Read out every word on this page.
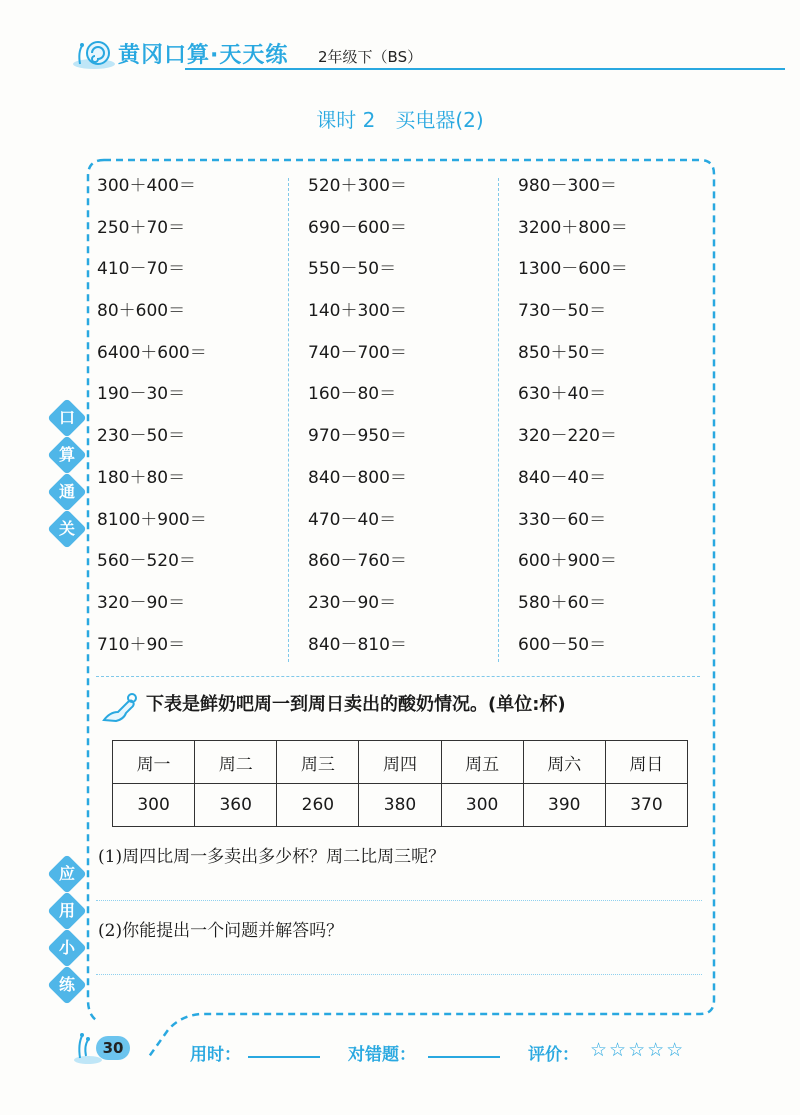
黄冈口算·天天练 2年级下（BS）
课时 2　买电器(2)
300＋400＝
250＋70＝
410－70＝
80＋600＝
6400＋600＝
190－30＝
230－50＝
180＋80＝
8100＋900＝
560－520＝
320－90＝
710＋90＝
520＋300＝
690－600＝
550－50＝
140＋300＝
740－700＝
160－80＝
970－950＝
840－800＝
470－40＝
860－760＝
230－90＝
840－810＝
980－300＝
3200＋800＝
1300－600＝
730－50＝
850＋50＝
630＋40＝
320－220＝
840－40＝
330－60＝
600＋900＝
580＋60＝
600－50＝
口
算
通
关
应
用
小
练
下表是鲜奶吧周一到周日卖出的酸奶情况。(单位:杯)
周一	周二	周三	周四	周五	周六	周日
300	360	260	380	300	390	370
(1)周四比周一多卖出多少杯？周二比周三呢？
(2)你能提出一个问题并解答吗？
30	用时：	对错题：	评价： ☆☆☆☆☆
